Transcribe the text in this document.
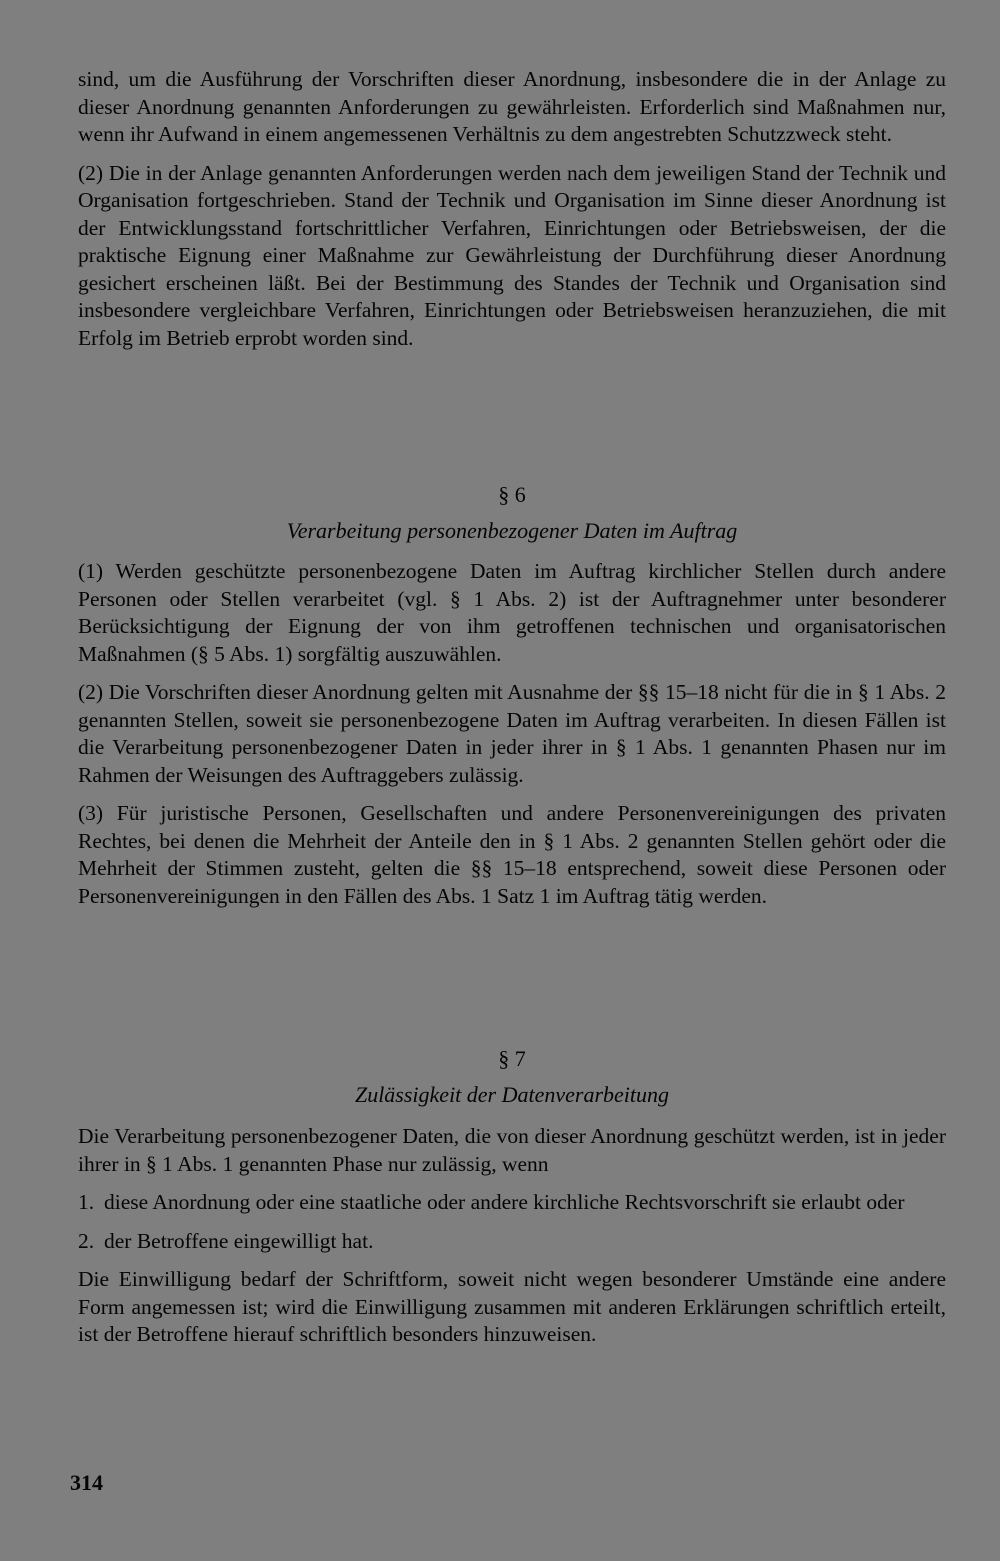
sind, um die Ausführung der Vorschriften dieser Anordnung, insbesondere die in der Anlage zu dieser Anordnung genannten Anforderungen zu gewährleisten. Erforderlich sind Maßnahmen nur, wenn ihr Aufwand in einem angemessenen Verhältnis zu dem angestrebten Schutzzweck steht.

(2) Die in der Anlage genannten Anforderungen werden nach dem jeweiligen Stand der Technik und Organisation fortgeschrieben. Stand der Technik und Organisation im Sinne dieser Anordnung ist der Entwicklungsstand fortschrittlicher Verfahren, Einrichtungen oder Betriebsweisen, der die praktische Eignung einer Maßnahme zur Gewährleistung der Durchführung dieser Anordnung gesichert erscheinen läßt. Bei der Bestimmung des Standes der Technik und Organisation sind insbesondere vergleichbare Verfahren, Einrichtungen oder Betriebsweisen heranzuziehen, die mit Erfolg im Betrieb erprobt worden sind.

§ 6

Verarbeitung personenbezogener Daten im Auftrag

(1) Werden geschützte personenbezogene Daten im Auftrag kirchlicher Stellen durch andere Personen oder Stellen verarbeitet (vgl. § 1 Abs. 2) ist der Auftragnehmer unter besonderer Berücksichtigung der Eignung der von ihm getroffenen technischen und organisatorischen Maßnahmen (§ 5 Abs. 1) sorgfältig auszuwählen.

(2) Die Vorschriften dieser Anordnung gelten mit Ausnahme der §§ 15–18 nicht für die in § 1 Abs. 2 genannten Stellen, soweit sie personenbezogene Daten im Auftrag verarbeiten. In diesen Fällen ist die Verarbeitung personenbezogener Daten in jeder ihrer in § 1 Abs. 1 genannten Phasen nur im Rahmen der Weisungen des Auftraggebers zulässig.

(3) Für juristische Personen, Gesellschaften und andere Personenvereinigungen des privaten Rechtes, bei denen die Mehrheit der Anteile den in § 1 Abs. 2 genannten Stellen gehört oder die Mehrheit der Stimmen zusteht, gelten die §§ 15–18 entsprechend, soweit diese Personen oder Personenvereinigungen in den Fällen des Abs. 1 Satz 1 im Auftrag tätig werden.

§ 7

Zulässigkeit der Datenverarbeitung

Die Verarbeitung personenbezogener Daten, die von dieser Anordnung geschützt werden, ist in jeder ihrer in § 1 Abs. 1 genannten Phase nur zulässig, wenn

1. diese Anordnung oder eine staatliche oder andere kirchliche Rechtsvorschrift sie erlaubt oder
2. der Betroffene eingewilligt hat.

Die Einwilligung bedarf der Schriftform, soweit nicht wegen besonderer Umstände eine andere Form angemessen ist; wird die Einwilligung zusammen mit anderen Erklärungen schriftlich erteilt, ist der Betroffene hierauf schriftlich besonders hinzuweisen.

314
